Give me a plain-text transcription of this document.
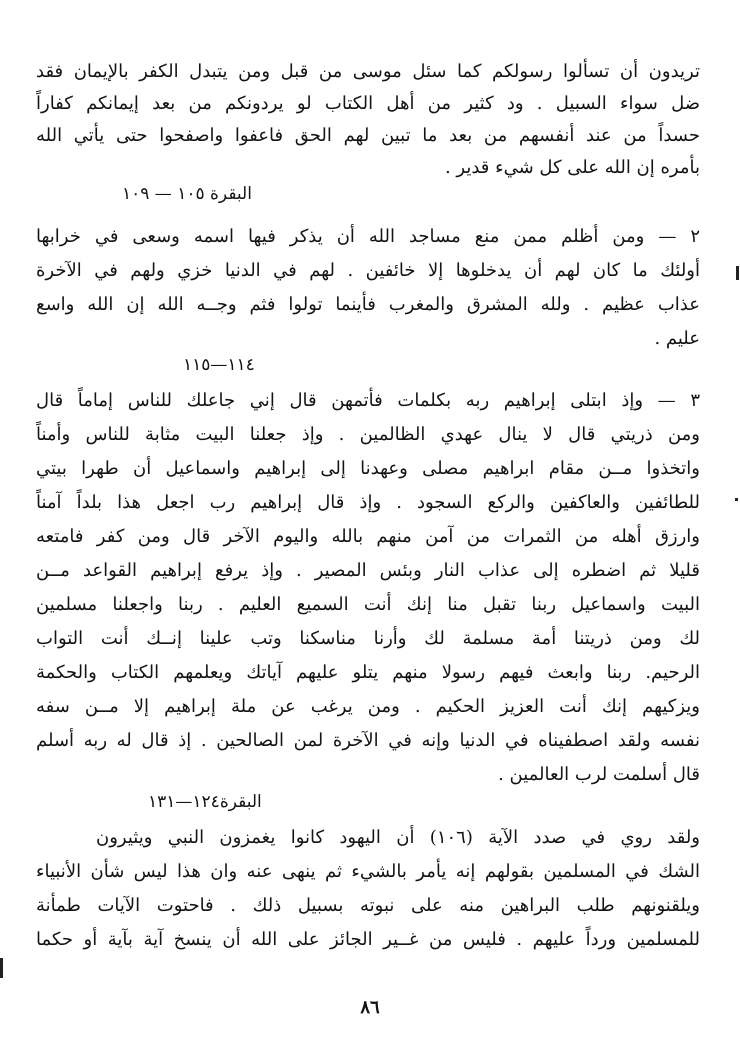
تريدون أن تسألوا رسولكم كما سئل موسى من قبل ومن يتبدل الكفر بالإيمان فقد
ضل سواء السبيل . ود كثير من أهل الكتاب لو يردونكم من بعد إيمانكم كفاراً
حسداً من عند أنفسهم من بعد ما تبين لهم الحق فاعفوا واصفحوا حتى يأتي الله
بأمره إن الله على كل شيء قدير .
البقرة ١٠٥ — ١٠٩
٢ — ومن أظلم ممن منع مساجد الله أن يذكر فيها اسمه وسعى في خرابها
أولئك ما كان لهم أن يدخلوها إلا خائفين . لهم في الدنيا خزي ولهم في الآخرة
عذاب عظيم . ولله المشرق والمغرب فأينما تولوا فثم وجــه الله إن الله واسع
عليم .
١١٤—١١٥
٣ — وإذ ابتلى إبراهيم ربه بكلمات فأتمهن قال إني جاعلك للناس إماماً قال
ومن ذريتي قال لا ينال عهدي الظالمين . وإذ جعلنا البيت مثابة للناس وأمناً
واتخذوا مــن مقام ابراهيم مصلى وعهدنا إلى إبراهيم واسماعيل أن طهرا بيتي
للطائفين والعاكفين والركع السجود . وإذ قال إبراهيم رب اجعل هذا بلداً آمناً
وارزق أهله من الثمرات من آمن منهم بالله واليوم الآخر قال ومن كفر فامتعه
قليلا ثم اضطره إلى عذاب النار وبئس المصير . وإذ يرفع إبراهيم القواعد مــن
البيت واسماعيل ربنا تقبل منا إنك أنت السميع العليم . ربنا واجعلنا مسلمين
لك ومن ذريتنا أمة مسلمة لك وأرنا مناسكنا وتب علينا إنــك أنت التواب
الرحيم. ربنا وابعث فيهم رسولا منهم يتلو عليهم آياتك ويعلمهم الكتاب والحكمة
ويزكيهم إنك أنت العزيز الحكيم . ومن يرغب عن ملة إبراهيم إلا مــن سفه
نفسه ولقد اصطفيناه في الدنيا وإنه في الآخرة لمن الصالحين . إذ قال له ربه أسلم
قال أسلمت لرب العالمين .
البقرة١٢٤—١٣١
ولقد روي في صدد الآية (١٠٦) أن اليهود كانوا يغمزون النبي ويثيرون
الشك في المسلمين بقولهم إنه يأمر بالشيء ثم ينهى عنه وان هذا ليس شأن الأنبياء
ويلقنونهم طلب البراهين منه على نبوته بسبيل ذلك . فاحتوت الآيات طمأنة
للمسلمين ورداً عليهم . فليس من غــير الجائز على الله أن ينسخ آية بآية أو حكما
٨٦
